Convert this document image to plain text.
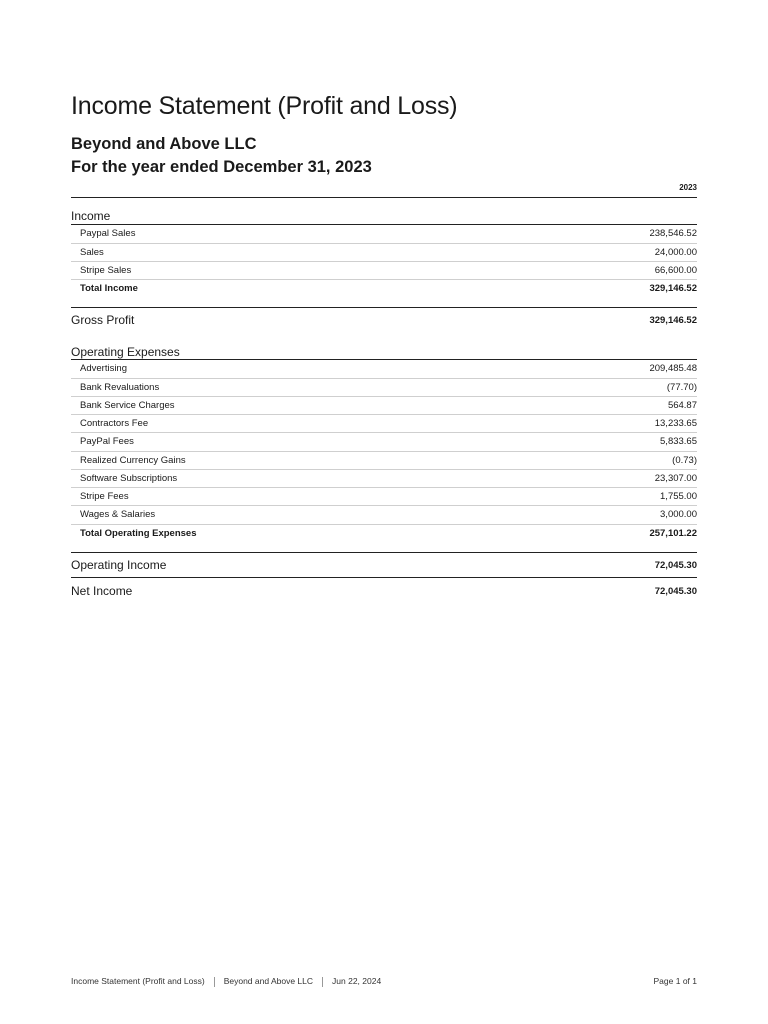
Income Statement (Profit and Loss)
Beyond and Above LLC
For the year ended December 31, 2023
2023
Income
Paypal Sales	238,546.52
Sales	24,000.00
Stripe Sales	66,600.00
Total Income	329,146.52
Gross Profit	329,146.52
Operating Expenses
Advertising	209,485.48
Bank Revaluations	(77.70)
Bank Service Charges	564.87
Contractors Fee	13,233.65
PayPal Fees	5,833.65
Realized Currency Gains	(0.73)
Software Subscriptions	23,307.00
Stripe Fees	1,755.00
Wages & Salaries	3,000.00
Total Operating Expenses	257,101.22
Operating Income	72,045.30
Net Income	72,045.30
Income Statement (Profit and Loss) Beyond and Above LLC Jun 22, 2024	Page 1 of 1
